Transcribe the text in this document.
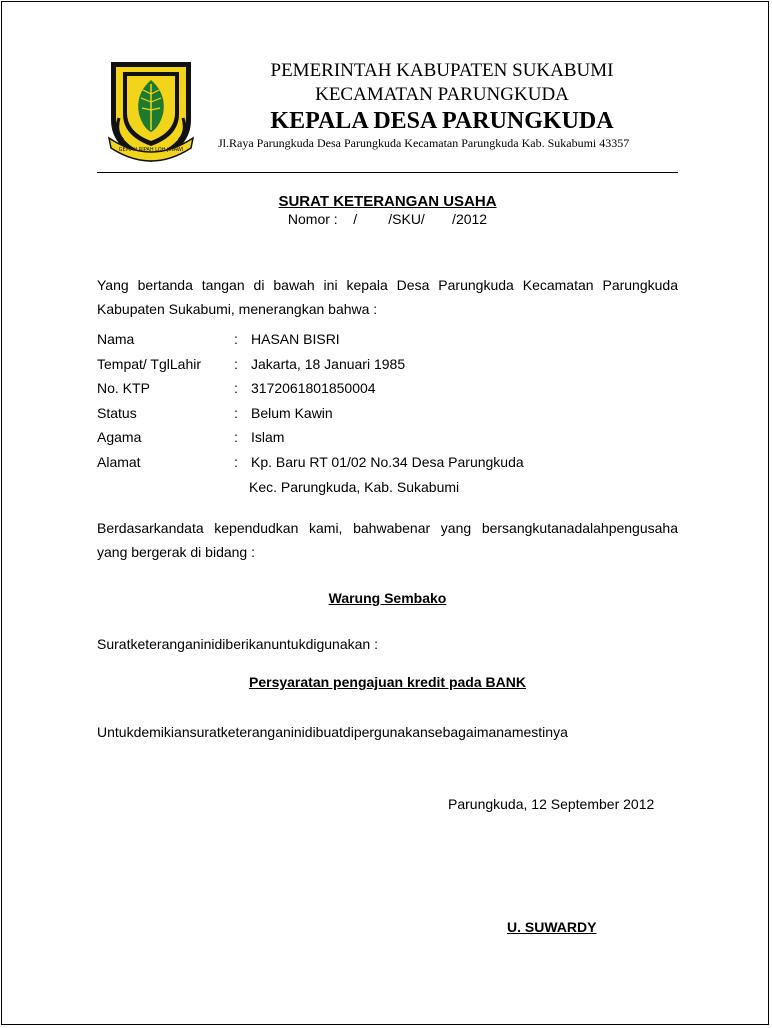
GEMAH RIPAH LOH JINAWI
PEMERINTAH KABUPATEN SUKABUMI
KECAMATAN PARUNGKUDA
KEPALA DESA PARUNGKUDA
Jl.Raya Parungkuda Desa Parungkuda Kecamatan Parungkuda Kab. Sukabumi 43357
SURAT KETERANGAN USAHA
Nomor :    /        /SKU/       /2012
Yang bertanda tangan di bawah ini kepala Desa Parungkuda Kecamatan Parungkuda Kabupaten Sukabumi, menerangkan bahwa :
Nama	: HASAN BISRI
Tempat/ TglLahir : Jakarta, 18 Januari 1985
No. KTP	: 3172061801850004
Status	: Belum Kawin
Agama	: Islam
Alamat	: Kp. Baru RT 01/02 No.34 Desa Parungkuda
Kec. Parungkuda, Kab. Sukabumi
Berdasarkandata kependudkan kami, bahwabenar yang bersangkutanadalahpengusaha yang bergerak di bidang :
Warung Sembako
Suratketeranganinidiberikanuntukdigunakan :
Persyaratan pengajuan kredit pada BANK
Untukdemikiansuratketeranganinidibuatdipergunakansebagaimanamestinya
Parungkuda, 12 September 2012
U. SUWARDY
